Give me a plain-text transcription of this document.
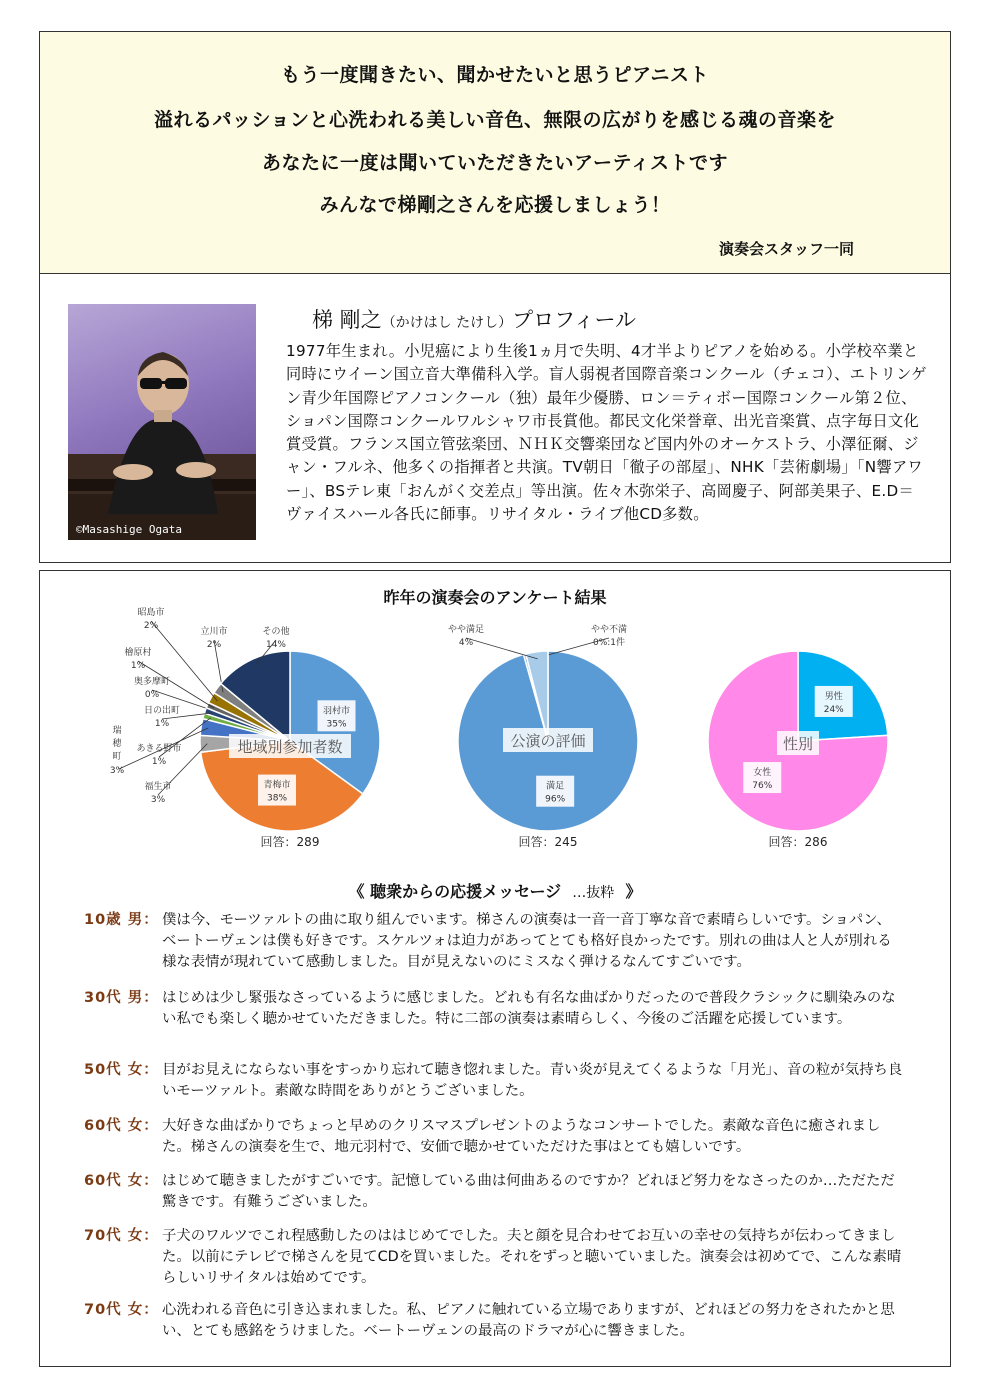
もう一度聞きたい、聞かせたいと思うピアニスト
溢れるパッションと心洗われる美しい音色、無限の広がりを感じる魂の音楽を
あなたに一度は聞いていただきたいアーティストです
みんなで梯剛之さんを応援しましょう！
演奏会スタッフ一同
©Masashige Ogata
梯 剛之（かけはし たけし）プロフィール
1977年生まれ。小児癌により生後1ヵ月で失明、4才半よりピアノを始める。小学校卒業と同時にウイーン国立音大準備科入学。盲人弱視者国際音楽コンクール（チェコ）、エトリンゲン青少年国際ピアノコンクール（独）最年少優勝、ロン＝ティボー国際コンクール第２位、ショパン国際コンクールワルシャワ市長賞他。都民文化栄誉章、出光音楽賞、点字毎日文化賞受賞。フランス国立管弦楽団、ＮＨＫ交響楽団など国内外のオーケストラ、小澤征爾、ジャン・フルネ、他多くの指揮者と共演。TV朝日「徹子の部屋」、NHK「芸術劇場」「N響アワー」、BSテレ東「おんがく交差点」等出演。佐々木弥栄子、高岡慶子、阿部美果子、E.D＝ヴァイスハール各氏に師事。リサイタル・ライブ他CD多数。
昨年の演奏会のアンケート結果
羽村市
35%
青梅市
38%
福生市
3%
瑞
穂
町
3%
あきる野市
1%
日の出町
1%
奥多摩町
0%
檜原村
1%
昭島市
2%
立川市
2%
その他
14%
地域別参加者数
回答：289
満足
96%
やや不満
0%:1件
やや満足
4%
公演の評価
回答：245
男性
24%
女性
76%
性別
回答：286
《 聴衆からの応援メッセージ …抜粋 》
10歳 男： 僕は今、モーツァルトの曲に取り組んでいます。梯さんの演奏は一音一音丁寧な音で素晴らしいです。ショパン、ベートーヴェンは僕も好きです。スケルツォは迫力があってとても格好良かったです。別れの曲は人と人が別れる様な表情が現れていて感動しました。目が見えないのにミスなく弾けるなんてすごいです。
30代 男： はじめは少し緊張なさっているように感じました。どれも有名な曲ばかりだったので普段クラシックに馴染みのない私でも楽しく聴かせていただきました。特に二部の演奏は素晴らしく、今後のご活躍を応援しています。
50代 女： 目がお見えにならない事をすっかり忘れて聴き惚れました。青い炎が見えてくるような「月光」、音の粒が気持ち良いモーツァルト。素敵な時間をありがとうございました。
60代 女： 大好きな曲ばかりでちょっと早めのクリスマスプレゼントのようなコンサートでした。素敵な音色に癒されました。梯さんの演奏を生で、地元羽村で、安価で聴かせていただけた事はとても嬉しいです。
60代 女： はじめて聴きましたがすごいです。記憶している曲は何曲あるのですか？どれほど努力をなさったのか…ただただ驚きです。有難うございました。
70代 女： 子犬のワルツでこれ程感動したのははじめてでした。夫と顔を見合わせてお互いの幸せの気持ちが伝わってきました。以前にテレビで梯さんを見てCDを買いました。それをずっと聴いていました。演奏会は初めてで、こんな素晴らしいリサイタルは始めてです。
70代 女： 心洗われる音色に引き込まれました。私、ピアノに触れている立場でありますが、どれほどの努力をされたかと思い、とても感銘をうけました。ベートーヴェンの最高のドラマが心に響きました。
